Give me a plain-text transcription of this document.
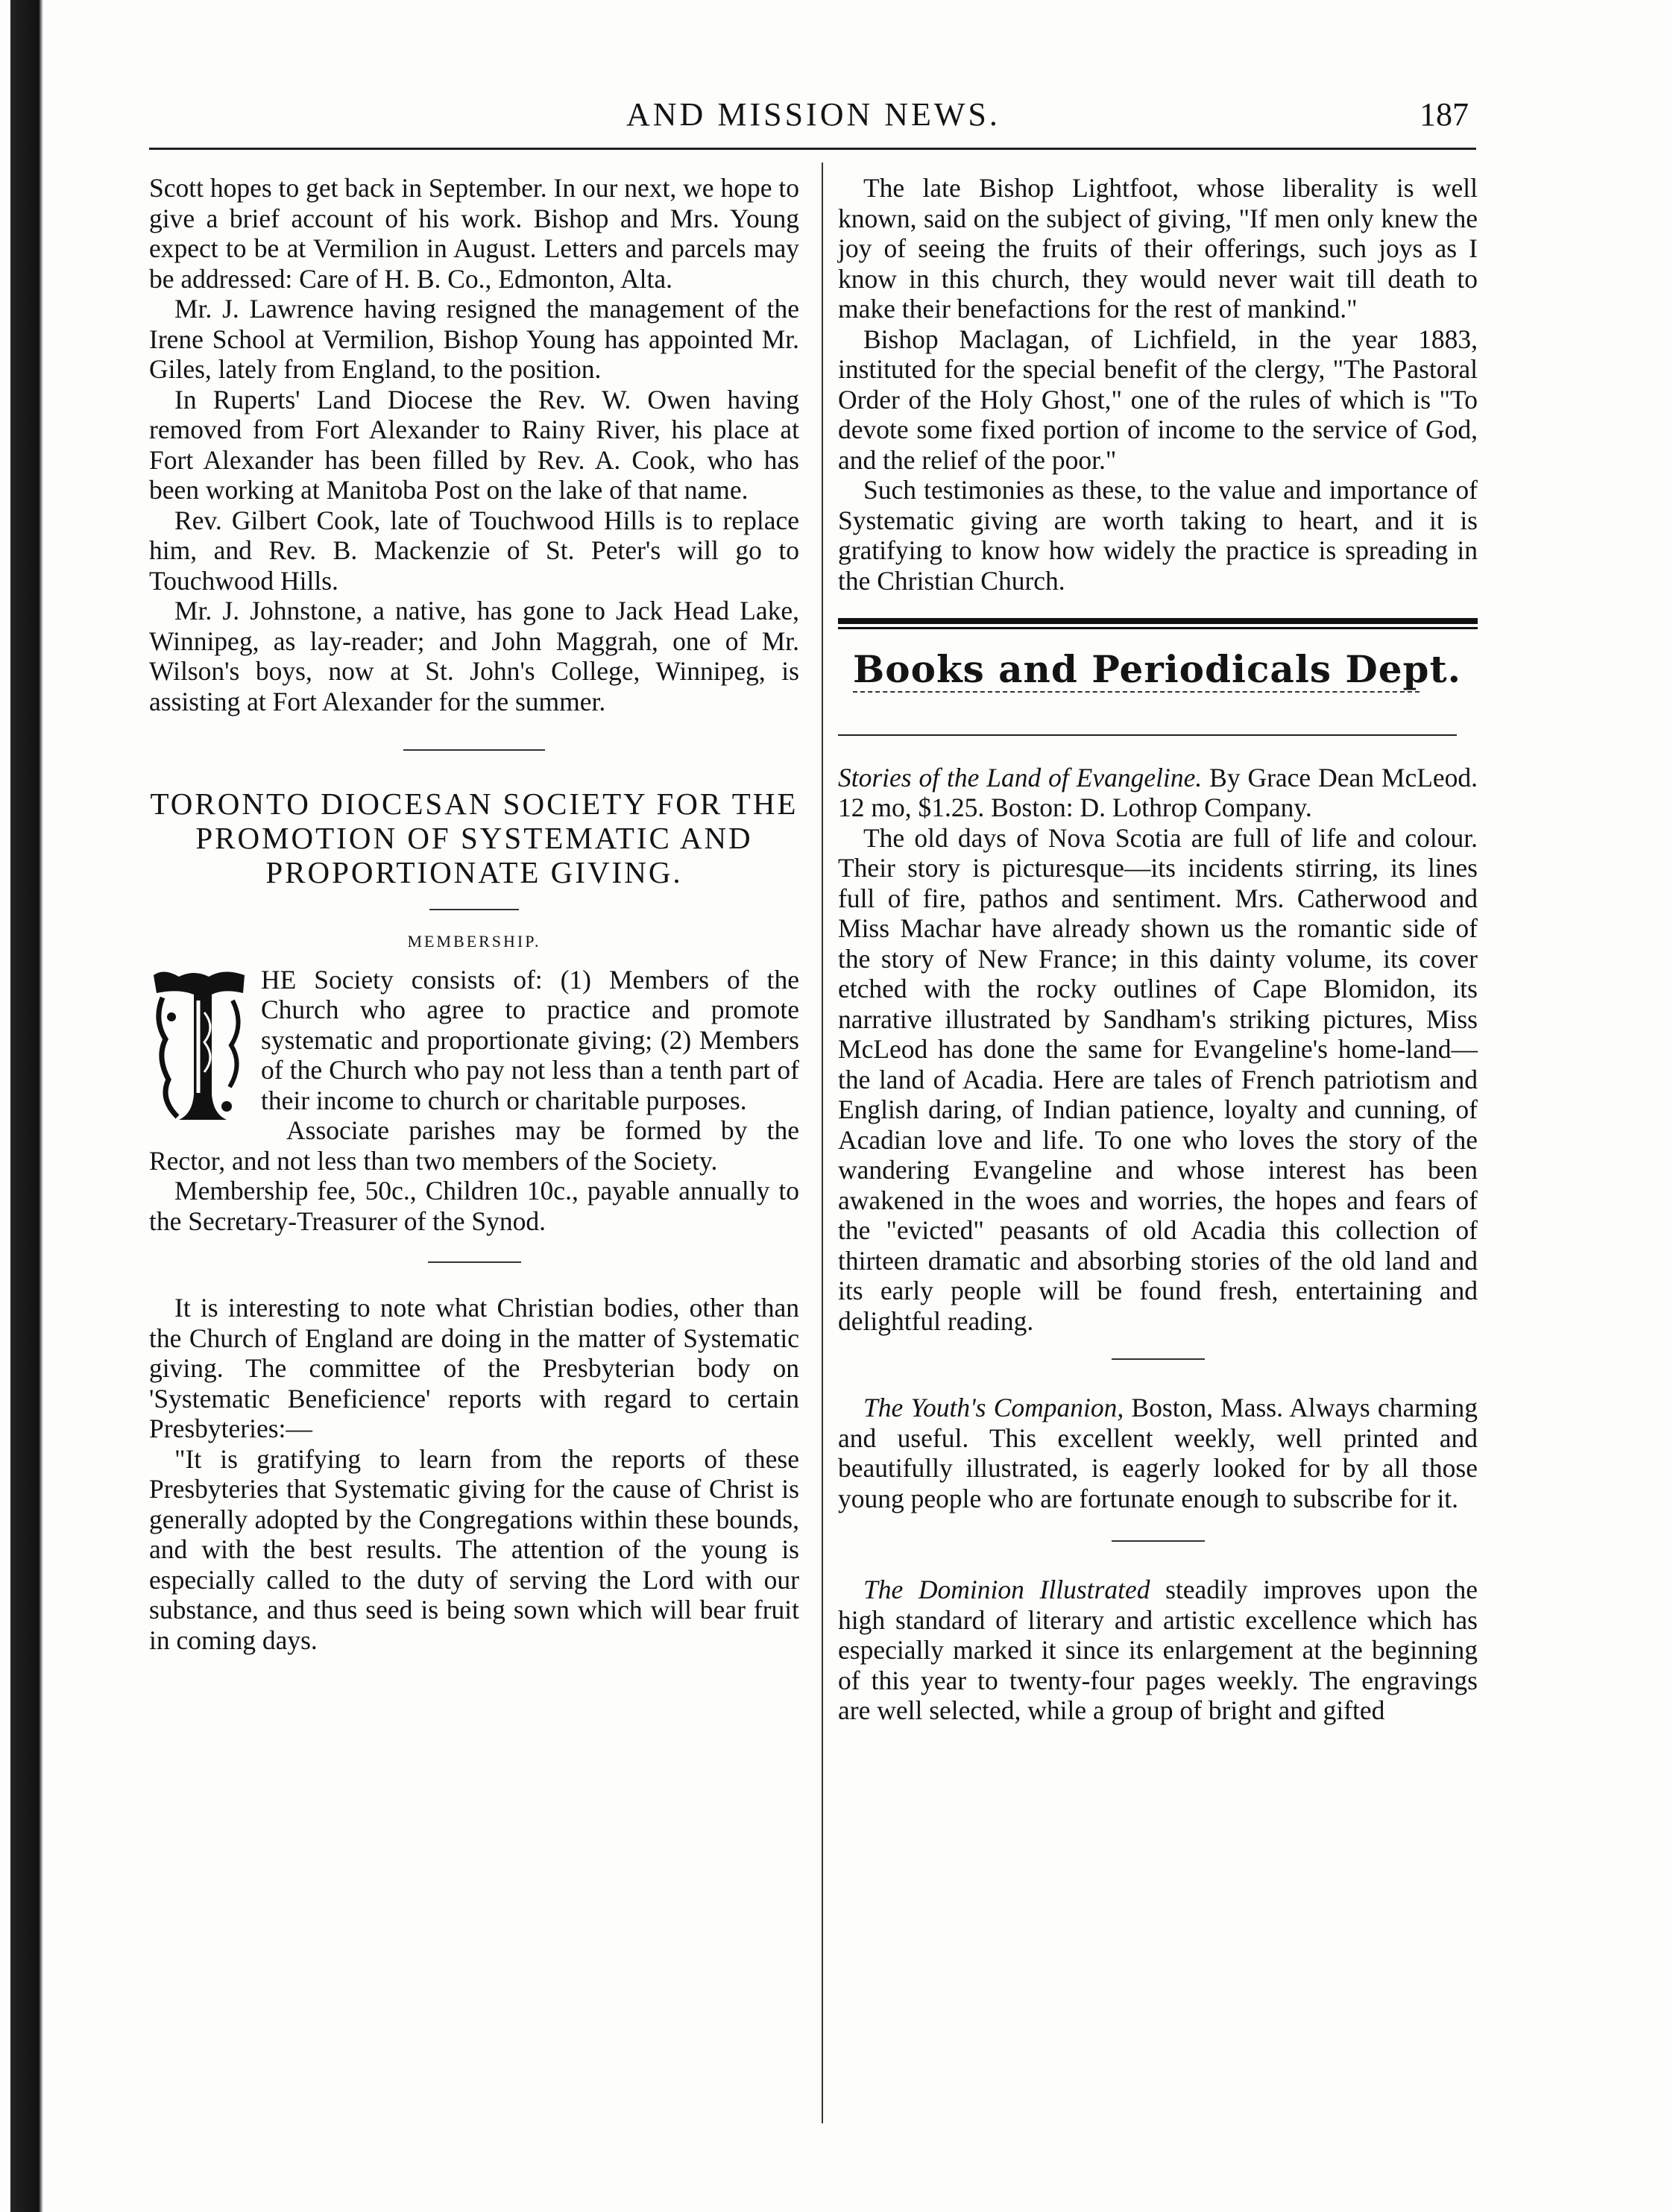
AND MISSION NEWS.	187

Scott hopes to get back in September. In our next, we hope to give a brief account of his work. Bishop and Mrs. Young expect to be at Vermilion in August. Letters and parcels may be addressed: Care of H. B. Co., Edmonton, Alta.

Mr. J. Lawrence having resigned the management of the Irene School at Vermilion, Bishop Young has appointed Mr. Giles, lately from England, to the position.

In Ruperts' Land Diocese the Rev. W. Owen having removed from Fort Alexander to Rainy River, his place at Fort Alexander has been filled by Rev. A. Cook, who has been working at Manitoba Post on the lake of that name.

Rev. Gilbert Cook, late of Touchwood Hills is to replace him, and Rev. B. Mackenzie of St. Peter's will go to Touchwood Hills.

Mr. J. Johnstone, a native, has gone to Jack Head Lake, Winnipeg, as lay-reader; and John Maggrah, one of Mr. Wilson's boys, now at St. John's College, Winnipeg, is assisting at Fort Alexander for the summer.

TORONTO DIOCESAN SOCIETY FOR THE PROMOTION OF SYSTEMATIC AND PROPORTIONATE GIVING.
MEMBERSHIP.

HE Society consists of: (1) Members of the Church who agree to practice and promote systematic and proportionate giving; (2) Members of the Church who pay not less than a tenth part of their income to church or charitable purposes.

Associate parishes may be formed by the Rector, and not less than two members of the Society.

Membership fee, 50c., Children 10c., payable annually to the Secretary-Treasurer of the Synod.

It is interesting to note what Christian bodies, other than the Church of England are doing in the matter of Systematic giving. The committee of the Presbyterian body on 'Systematic Beneficience' reports with regard to certain Presbyteries:—

"It is gratifying to learn from the reports of these Presbyteries that Systematic giving for the cause of Christ is generally adopted by the Congregations within these bounds, and with the best results. The attention of the young is especially called to the duty of serving the Lord with our substance, and thus seed is being sown which will bear fruit in coming days.

The late Bishop Lightfoot, whose liberality is well known, said on the subject of giving, "If men only knew the joy of seeing the fruits of their offerings, such joys as I know in this church, they would never wait till death to make their benefactions for the rest of mankind."

Bishop Maclagan, of Lichfield, in the year 1883, instituted for the special benefit of the clergy, "The Pastoral Order of the Holy Ghost," one of the rules of which is "To devote some fixed portion of income to the service of God, and the relief of the poor."

Such testimonies as these, to the value and importance of Systematic giving are worth taking to heart, and it is gratifying to know how widely the practice is spreading in the Christian Church.

Books and Periodicals Dept.

Stories of the Land of Evangeline. By Grace Dean McLeod. 12 mo, $1.25. Boston: D. Lothrop Company.

The old days of Nova Scotia are full of life and colour. Their story is picturesque—its incidents stirring, its lines full of fire, pathos and sentiment. Mrs. Catherwood and Miss Machar have already shown us the romantic side of the story of New France; in this dainty volume, its cover etched with the rocky outlines of Cape Blomidon, its narrative illustrated by Sandham's striking pictures, Miss McLeod has done the same for Evangeline's home-land—the land of Acadia. Here are tales of French patriotism and English daring, of Indian patience, loyalty and cunning, of Acadian love and life. To one who loves the story of the wandering Evangeline and whose interest has been awakened in the woes and worries, the hopes and fears of the "evicted" peasants of old Acadia this collection of thirteen dramatic and absorbing stories of the old land and its early people will be found fresh, entertaining and delightful reading.

The Youth's Companion, Boston, Mass. Always charming and useful. This excellent weekly, well printed and beautifully illustrated, is eagerly looked for by all those young people who are fortunate enough to subscribe for it.

The Dominion Illustrated steadily improves upon the high standard of literary and artistic excellence which has especially marked it since its enlargement at the beginning of this year to twenty-four pages weekly. The engravings are well selected, while a group of bright and gifted
